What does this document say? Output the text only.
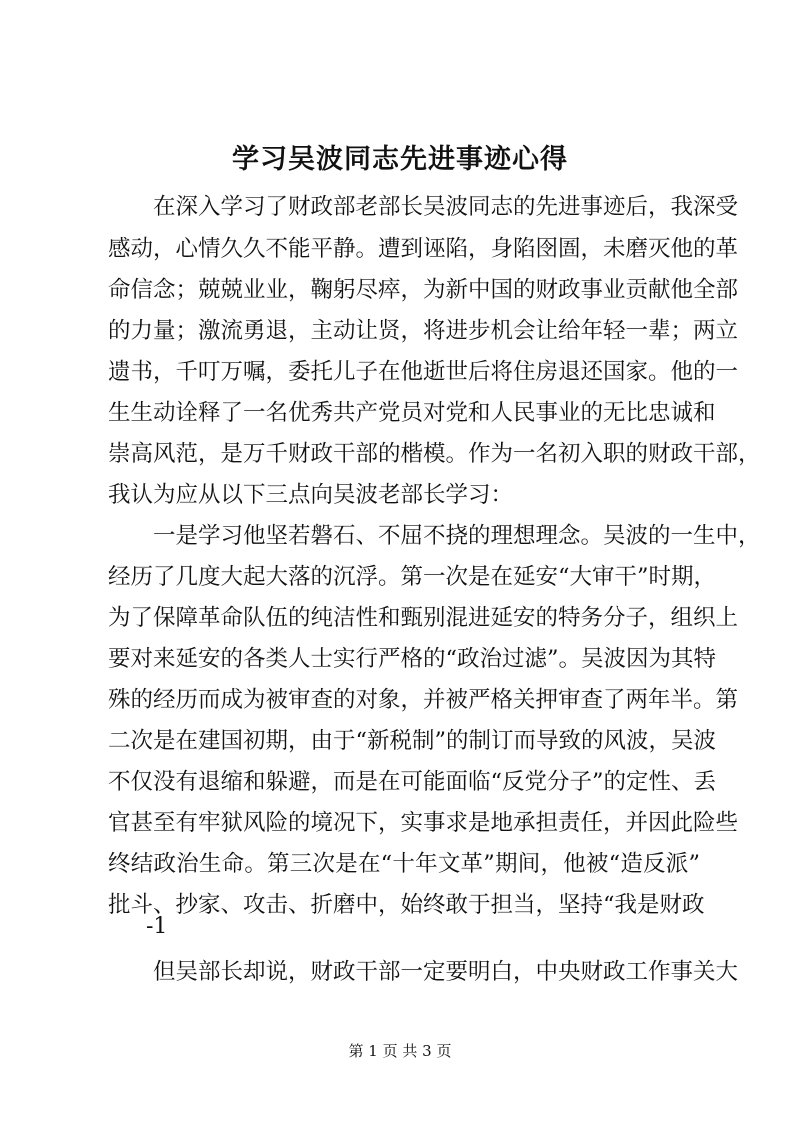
学习吴波同志先进事迹心得
在深入学习了财政部老部长吴波同志的先进事迹后，我深受
感动，心情久久不能平静。遭到诬陷，身陷囹圄，未磨灭他的革
命信念；兢兢业业，鞠躬尽瘁，为新中国的财政事业贡献他全部
的力量；激流勇退，主动让贤，将进步机会让给年轻一辈；两立
遗书，千叮万嘱，委托儿子在他逝世后将住房退还国家。他的一
生生动诠释了一名优秀共产党员对党和人民事业的无比忠诚和
崇高风范，是万千财政干部的楷模。作为一名初入职的财政干部，
我认为应从以下三点向吴波老部长学习：
一是学习他坚若磐石、不屈不挠的理想理念。吴波的一生中，
经历了几度大起大落的沉浮。第一次是在延安“大审干”时期，
为了保障革命队伍的纯洁性和甄别混进延安的特务分子，组织上
要对来延安的各类人士实行严格的“政治过滤”。吴波因为其特
殊的经历而成为被审查的对象，并被严格关押审查了两年半。第
二次是在建国初期，由于“新税制”的制订而导致的风波，吴波
不仅没有退缩和躲避，而是在可能面临“反党分子”的定性、丢
官甚至有牢狱风险的境况下，实事求是地承担责任，并因此险些
终结政治生命。第三次是在“十年文革”期间，他被“造反派”
批斗、抄家、攻击、折磨中，始终敢于担当，坚持“我是财政
-1
但吴部长却说，财政干部一定要明白，中央财政工作事关大
第 1 页 共 3 页
